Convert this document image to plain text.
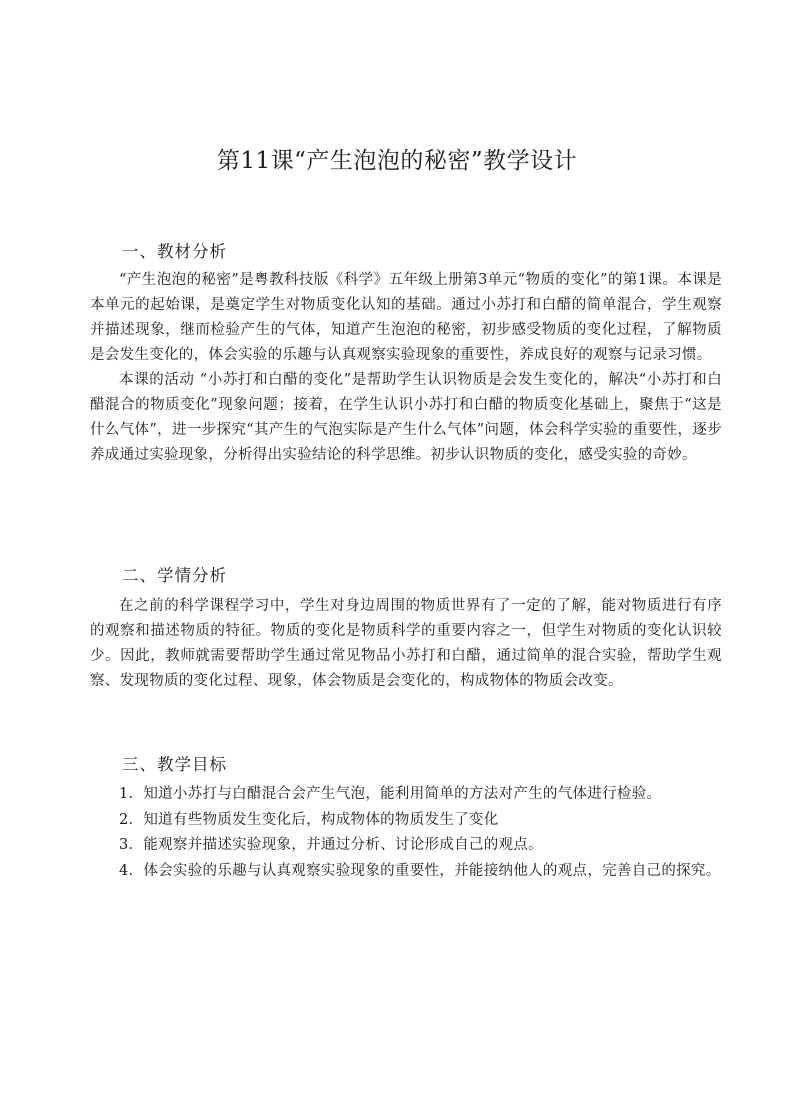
第11课“产生泡泡的秘密”教学设计
一、教材分析

“产生泡泡的秘密”是粤教科技版《科学》五年级上册第3单元“物质的变化”的第1课。本课是本单元的起始课，是奠定学生对物质变化认知的基础。通过小苏打和白醋的简单混合，学生观察并描述现象，继而检验产生的气体，知道产生泡泡的秘密，初步感受物质的变化过程，了解物质是会发生变化的，体会实验的乐趣与认真观察实验现象的重要性，养成良好的观察与记录习惯。

本课的活动 “小苏打和白醋的变化”是帮助学生认识物质是会发生变化的，解决“小苏打和白醋混合的物质变化”现象问题；接着，在学生认识小苏打和白醋的物质变化基础上，聚焦于“这是什么气体”，进一步探究“其产生的气泡实际是产生什么气体”问题，体会科学实验的重要性，逐步养成通过实验现象，分析得出实验结论的科学思维。初步认识物质的变化，感受实验的奇妙。

二、学情分析

在之前的科学课程学习中，学生对身边周围的物质世界有了一定的了解，能对物质进行有序的观察和描述物质的特征。物质的变化是物质科学的重要内容之一，但学生对物质的变化认识较少。因此，教师就需要帮助学生通过常见物品小苏打和白醋，通过简单的混合实验，帮助学生观察、发现物质的变化过程、现象，体会物质是会变化的，构成物体的物质会改变。

三、教学目标

1．知道小苏打与白醋混合会产生气泡，能利用简单的方法对产生的气体进行检验。

2．知道有些物质发生变化后，构成物体的物质发生了变化

3．能观察并描述实验现象，并通过分析、讨论形成自己的观点。

4．体会实验的乐趣与认真观察实验现象的重要性，并能接纳他人的观点，完善自己的探究。
